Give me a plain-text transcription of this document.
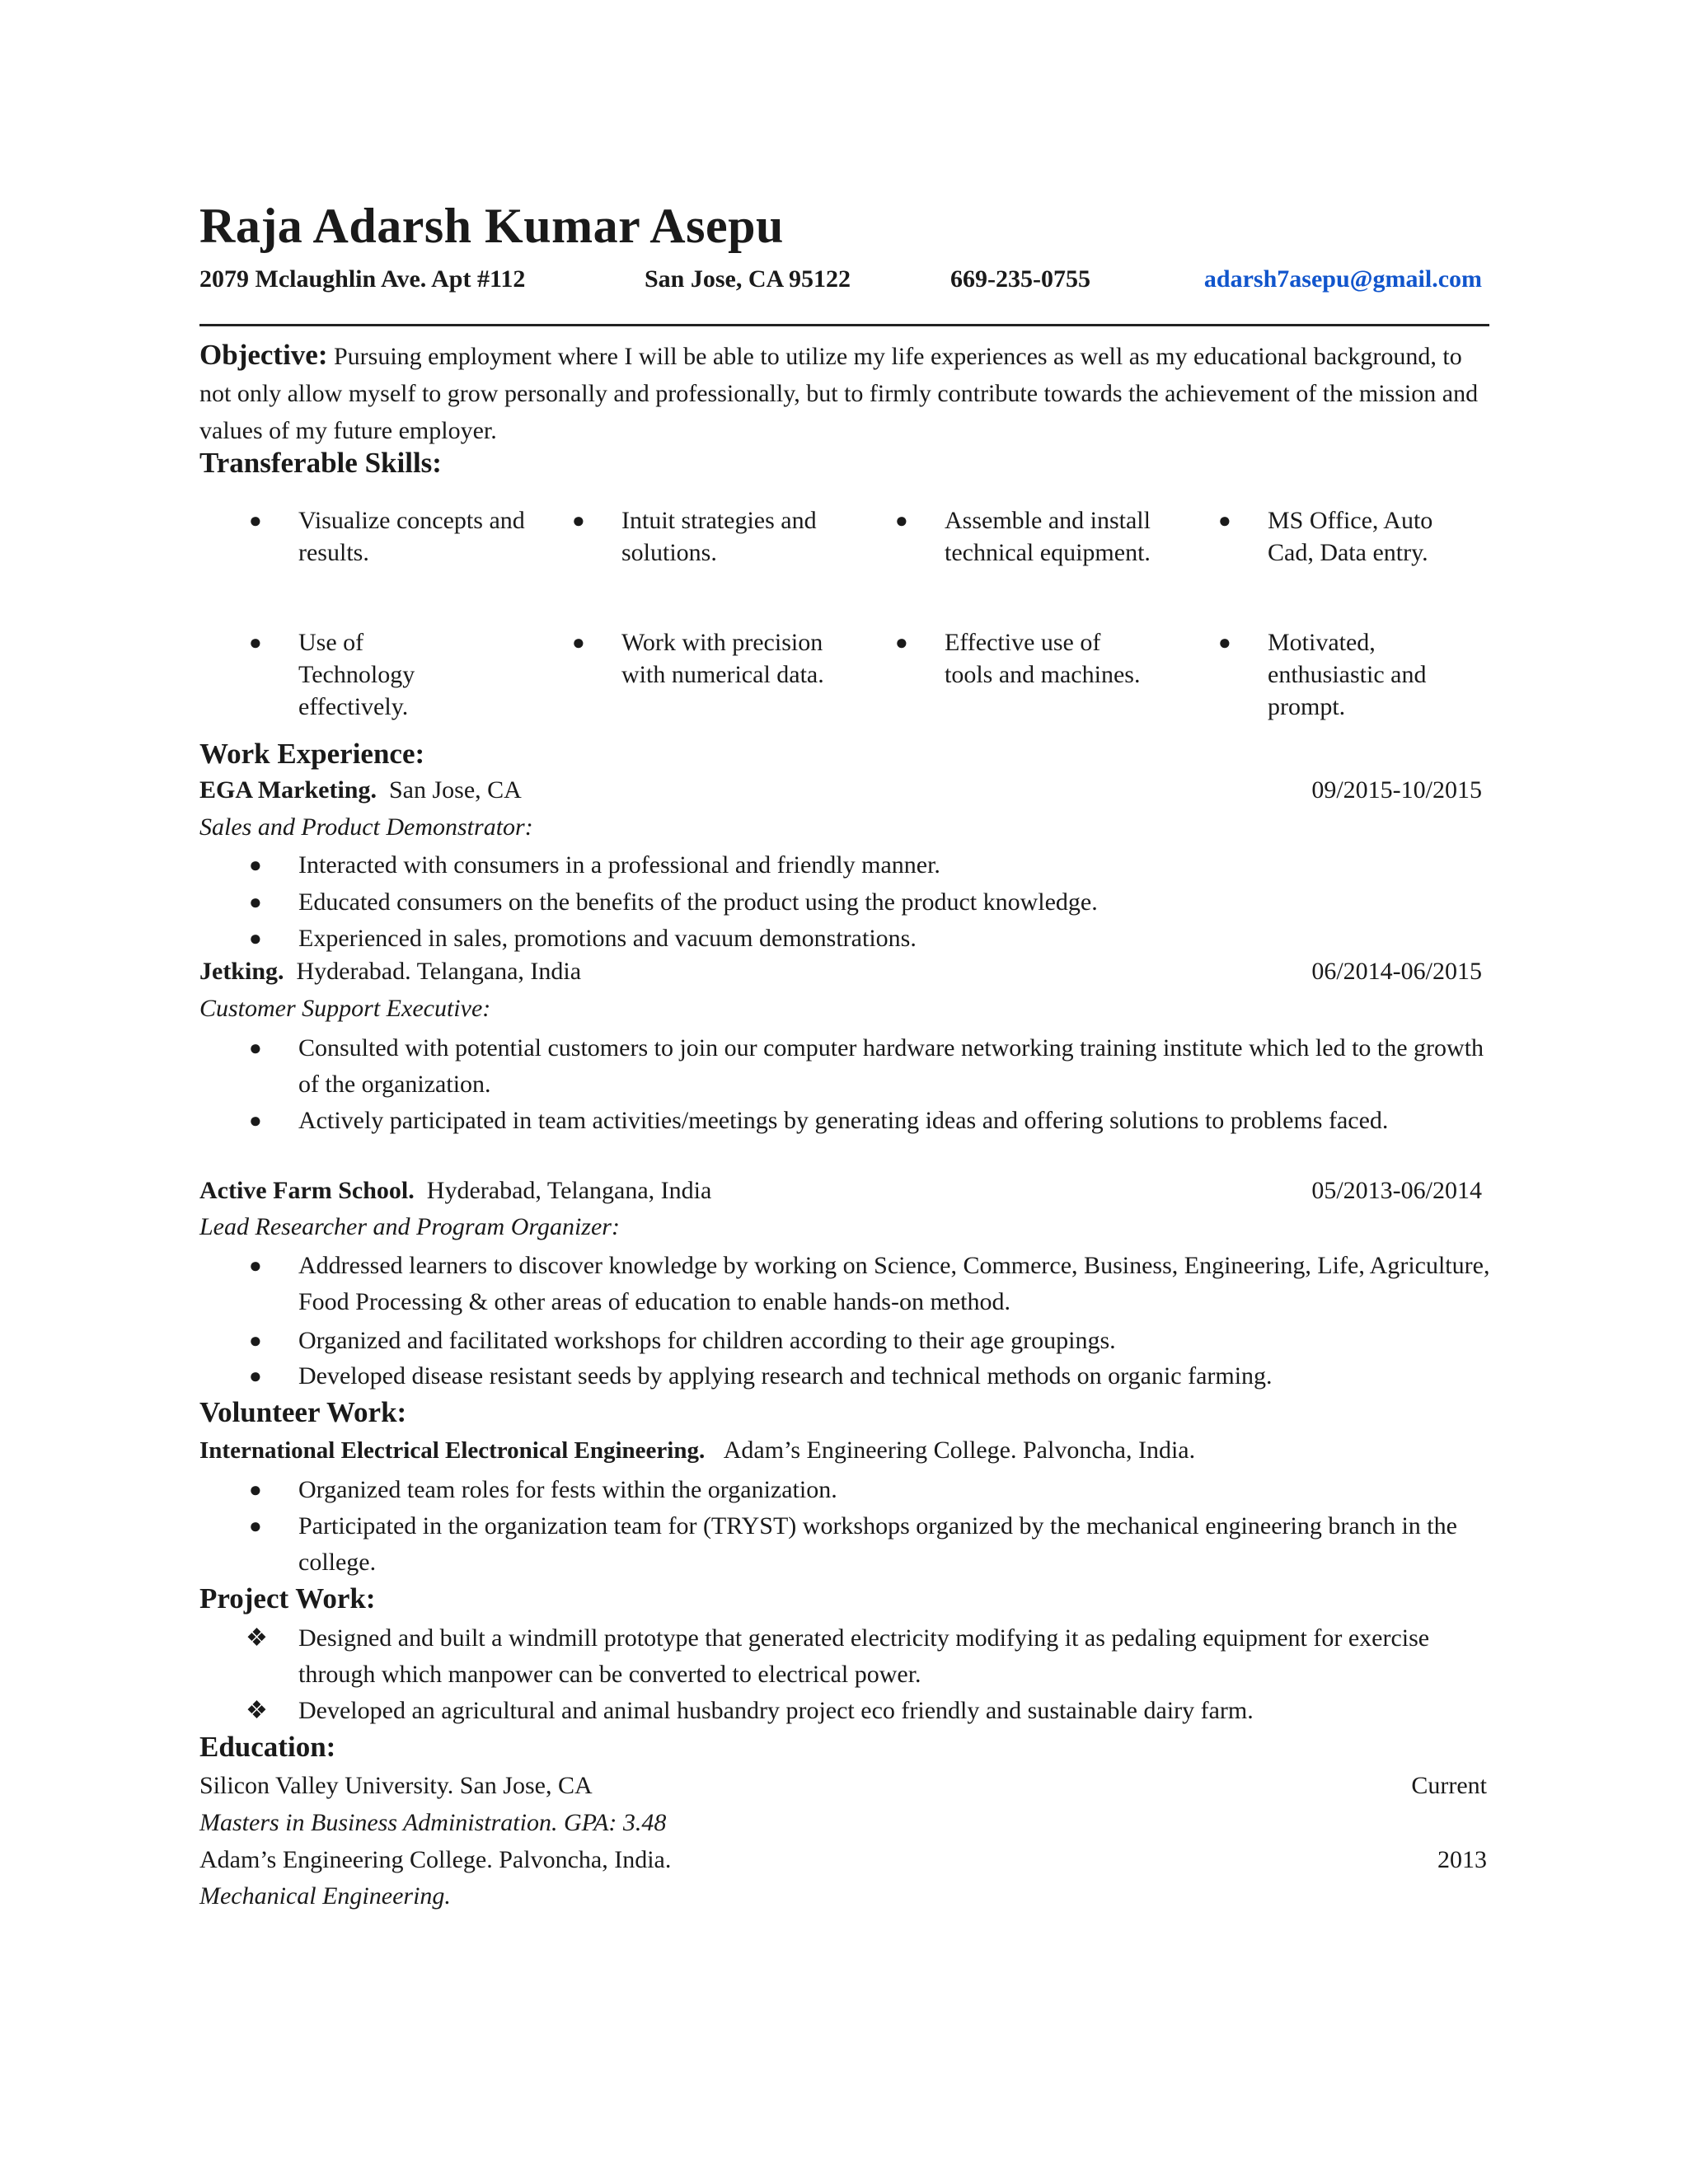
Raja Adarsh Kumar Asepu
2079 Mclaughlin Ave. Apt #112	San Jose, CA 95122	669-235-0755	adarsh7asepu@gmail.com
Objective: Pursuing employment where I will be able to utilize my life experiences as well as my educational background, to not only allow myself to grow personally and professionally, but to firmly contribute towards the achievement of the mission and values of my future employer.
Transferable Skills:
● Visualize concepts and results.
● Intuit strategies and solutions.
● Assemble and install technical equipment.
● MS Office, Auto Cad, Data entry.
● Use of Technology effectively.
● Work with precision with numerical data.
● Effective use of tools and machines.
● Motivated, enthusiastic and prompt.
Work Experience:
EGA Marketing. San Jose, CA	09/2015-10/2015
Sales and Product Demonstrator:
● Interacted with consumers in a professional and friendly manner.
● Educated consumers on the benefits of the product using the product knowledge.
● Experienced in sales, promotions and vacuum demonstrations.
Jetking. Hyderabad. Telangana, India	06/2014-06/2015
Customer Support Executive:
● Consulted with potential customers to join our computer hardware networking training institute which led to the growth of the organization.
● Actively participated in team activities/meetings by generating ideas and offering solutions to problems faced.
Active Farm School. Hyderabad, Telangana, India	05/2013-06/2014
Lead Researcher and Program Organizer:
● Addressed learners to discover knowledge by working on Science, Commerce, Business, Engineering, Life, Agriculture, Food Processing & other areas of education to enable hands-on method.
● Organized and facilitated workshops for children according to their age groupings.
● Developed disease resistant seeds by applying research and technical methods on organic farming.
Volunteer Work:
International Electrical Electronical Engineering. Adam’s Engineering College. Palvoncha, India.
● Organized team roles for fests within the organization.
● Participated in the organization team for (TRYST) workshops organized by the mechanical engineering branch in the college.
Project Work:
❖ Designed and built a windmill prototype that generated electricity modifying it as pedaling equipment for exercise through which manpower can be converted to electrical power.
❖ Developed an agricultural and animal husbandry project eco friendly and sustainable dairy farm.
Education:
Silicon Valley University. San Jose, CA	Current
Masters in Business Administration. GPA: 3.48
Adam’s Engineering College. Palvoncha, India.	2013
Mechanical Engineering.
